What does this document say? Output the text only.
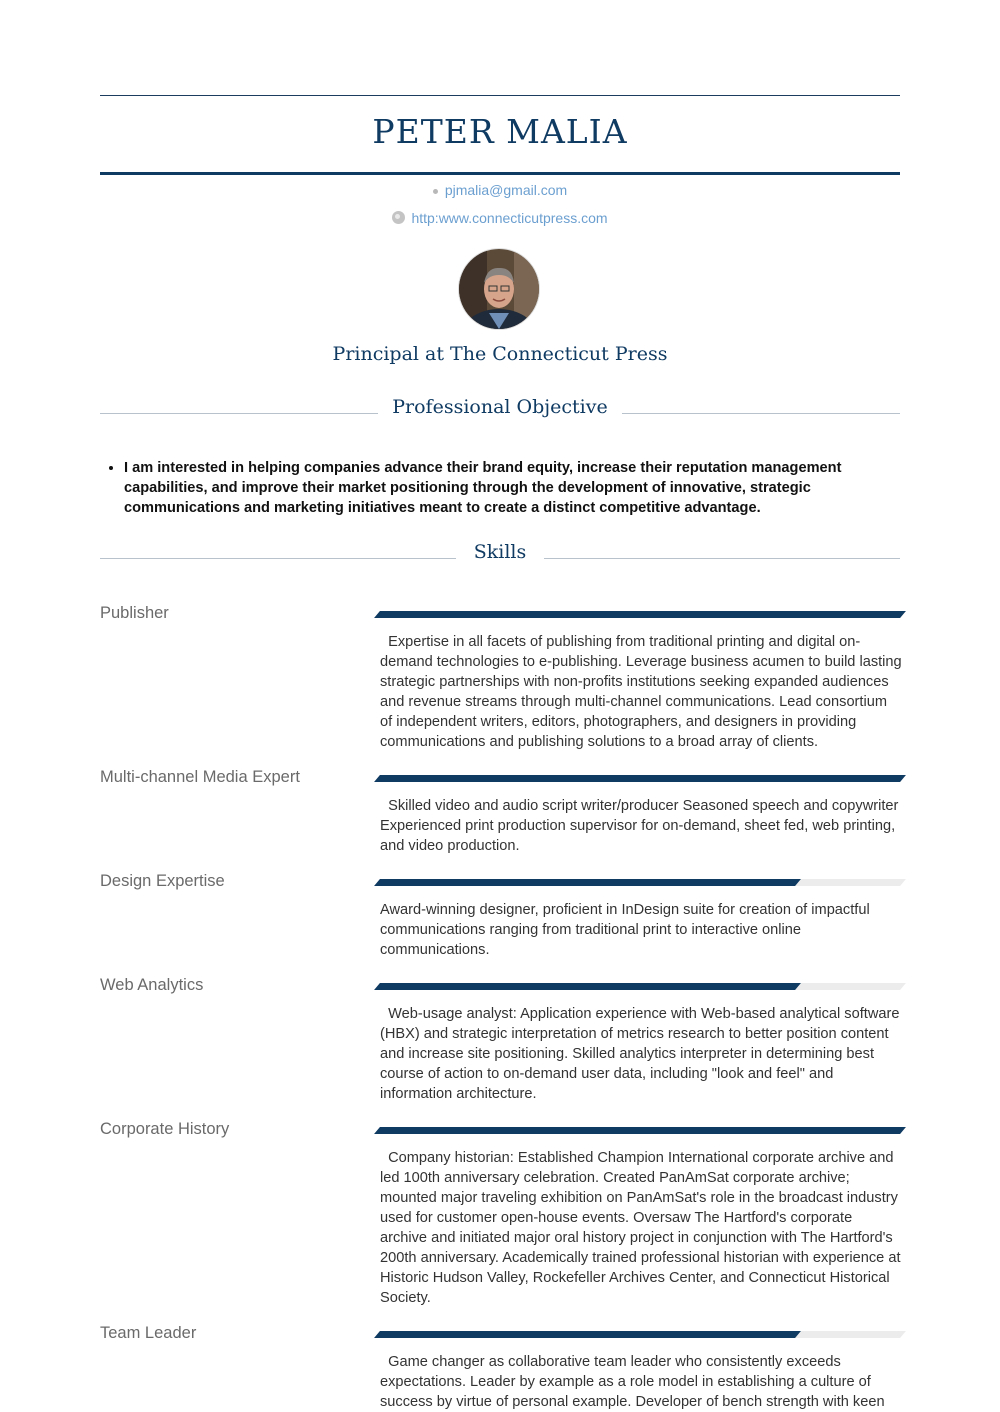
PETER MALIA
pjmalia@gmail.com
http:www.connecticutpress.com
Principal at The Connecticut Press
Professional Objective
• I am interested in helping companies advance their brand equity, increase their reputation management capabilities, and improve their market positioning through the development of innovative, strategic communications and marketing initiatives meant to create a distinct competitive advantage.
Skills
Publisher
Expertise in all facets of publishing from traditional printing and digital on-demand technologies to e-publishing. Leverage business acumen to build lasting strategic partnerships with non-profits institutions seeking expanded audiences and revenue streams through multi-channel communications. Lead consortium of independent writers, editors, photographers, and designers in providing communications and publishing solutions to a broad array of clients.
Multi-channel Media Expert
Skilled video and audio script writer/producer Seasoned speech and copywriter Experienced print production supervisor for on-demand, sheet fed, web printing, and video production.
Design Expertise
Award-winning designer, proficient in InDesign suite for creation of impactful communications ranging from traditional print to interactive online communications.
Web Analytics
Web-usage analyst: Application experience with Web-based analytical software (HBX) and strategic interpretation of metrics research to better position content and increase site positioning. Skilled analytics interpreter in determining best course of action to on-demand user data, including "look and feel" and information architecture.
Corporate History
Company historian: Established Champion International corporate archive and led 100th anniversary celebration. Created PanAmSat corporate archive; mounted major traveling exhibition on PanAmSat's role in the broadcast industry used for customer open-house events. Oversaw The Hartford's corporate archive and initiated major oral history project in conjunction with The Hartford's 200th anniversary. Academically trained professional historian with experience at Historic Hudson Valley, Rockefeller Archives Center, and Connecticut Historical Society.
Team Leader
Game changer as collaborative team leader who consistently exceeds expectations. Leader by example as a role model in establishing a culture of success by virtue of personal example. Developer of bench strength with keen
